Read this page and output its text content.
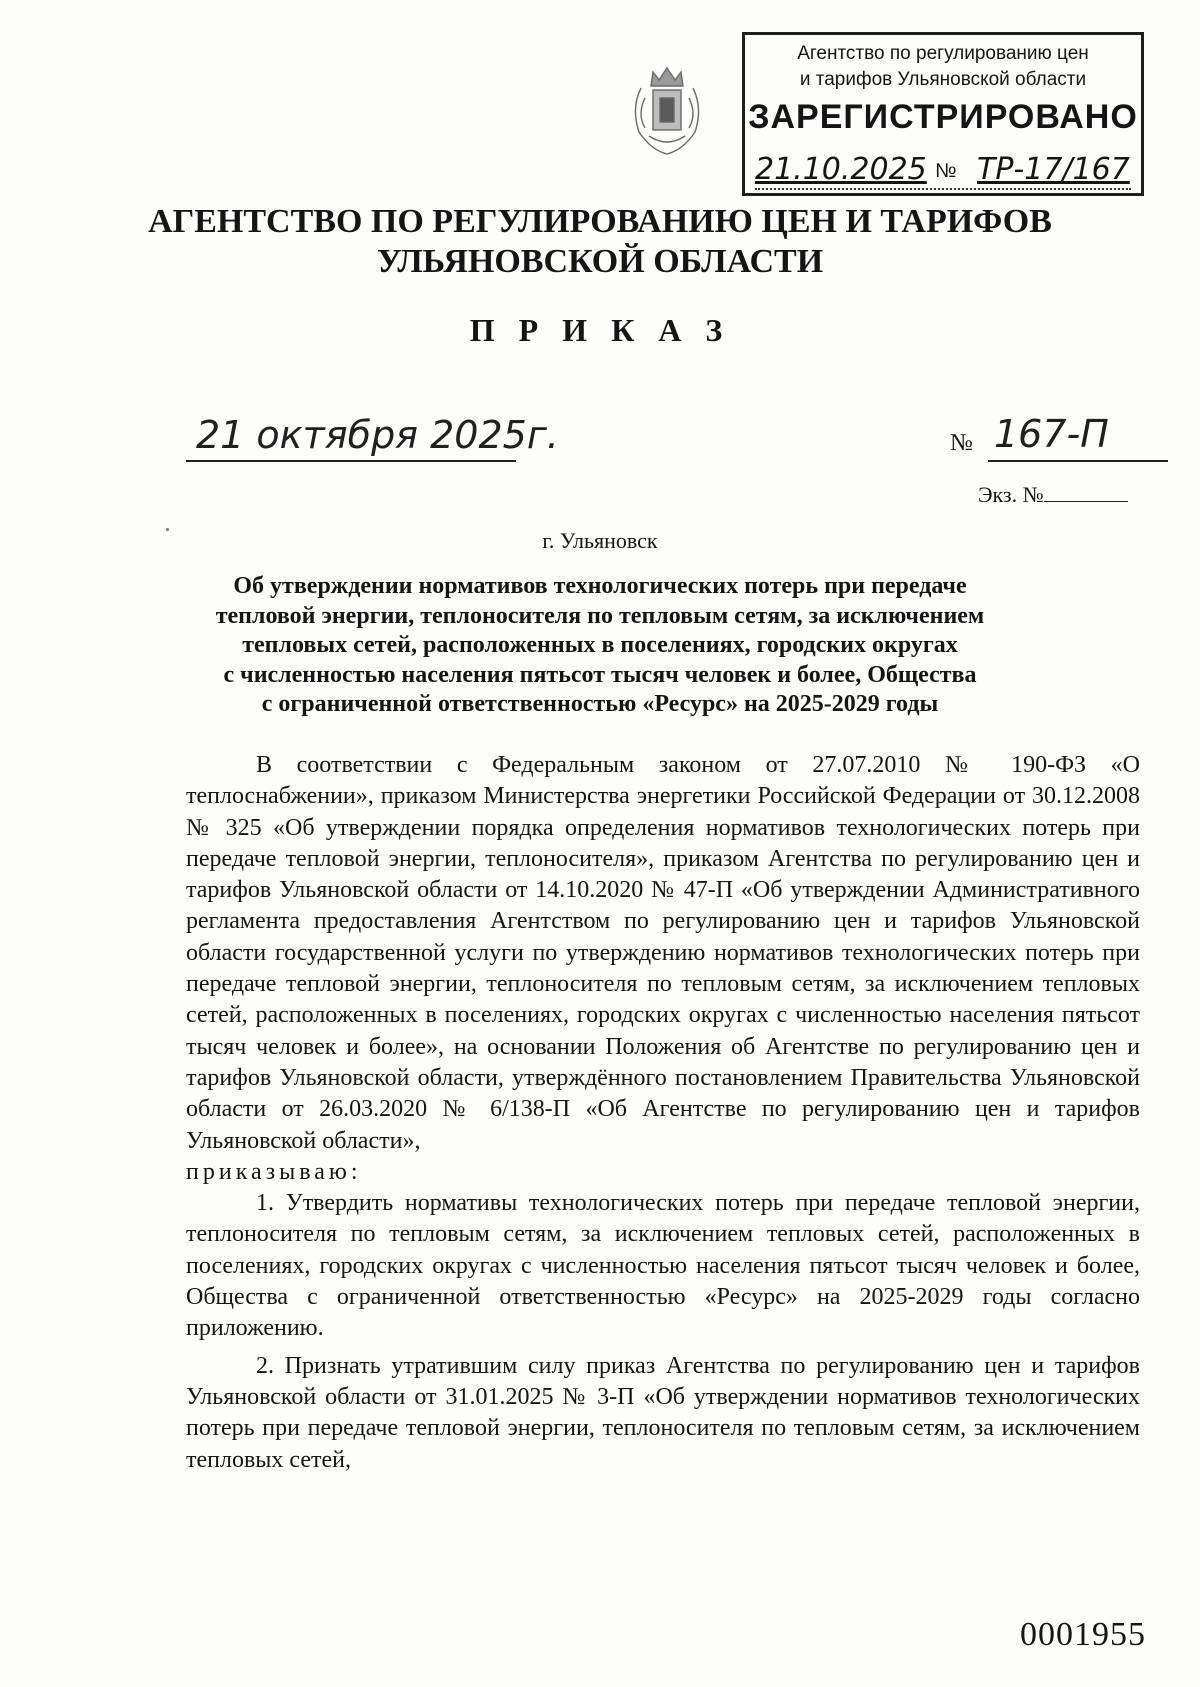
Агентство по регулированию цен
и тарифов Ульяновской области
ЗАРЕГИСТРИРОВАНО
21.10.2025 № ТР-17/167
АГЕНТСТВО ПО РЕГУЛИРОВАНИЮ ЦЕН И ТАРИФОВ
УЛЬЯНОВСКОЙ ОБЛАСТИ
П Р И К А З
21 октября 2025г.	№ 167-П
Экз. №
г. Ульяновск
Об утверждении нормативов технологических потерь при передаче
тепловой энергии, теплоносителя по тепловым сетям, за исключением
тепловых сетей, расположенных в поселениях, городских округах
с численностью населения пятьсот тысяч человек и более, Общества
с ограниченной ответственностью «Ресурс» на 2025-2029 годы

В соответствии с Федеральным законом от 27.07.2010 № 190-ФЗ «О теплоснабжении», приказом Министерства энергетики Российской Федерации от 30.12.2008 № 325 «Об утверждении порядка определения нормативов технологических потерь при передаче тепловой энергии, теплоносителя», приказом Агентства по регулированию цен и тарифов Ульяновской области от 14.10.2020 № 47-П «Об утверждении Административного регламента предоставления Агентством по регулированию цен и тарифов Ульяновской области государственной услуги по утверждению нормативов технологических потерь при передаче тепловой энергии, теплоносителя по тепловым сетям, за исключением тепловых сетей, расположенных в поселениях, городских округах с численностью населения пятьсот тысяч человек и более», на основании Положения об Агентстве по регулированию цен и тарифов Ульяновской области, утверждённого постановлением Правительства Ульяновской области от 26.03.2020 № 6/138-П «Об Агентстве по регулированию цен и тарифов Ульяновской области»,

приказываю:

1. Утвердить нормативы технологических потерь при передаче тепловой энергии, теплоносителя по тепловым сетям, за исключением тепловых сетей, расположенных в поселениях, городских округах с численностью населения пятьсот тысяч человек и более, Общества с ограниченной ответственностью «Ресурс» на 2025-2029 годы согласно приложению.

2. Признать утратившим силу приказ Агентства по регулированию цен и тарифов Ульяновской области от 31.01.2025 № 3-П «Об утверждении нормативов технологических потерь при передаче тепловой энергии, теплоносителя по тепловым сетям, за исключением тепловых сетей,

0001955
